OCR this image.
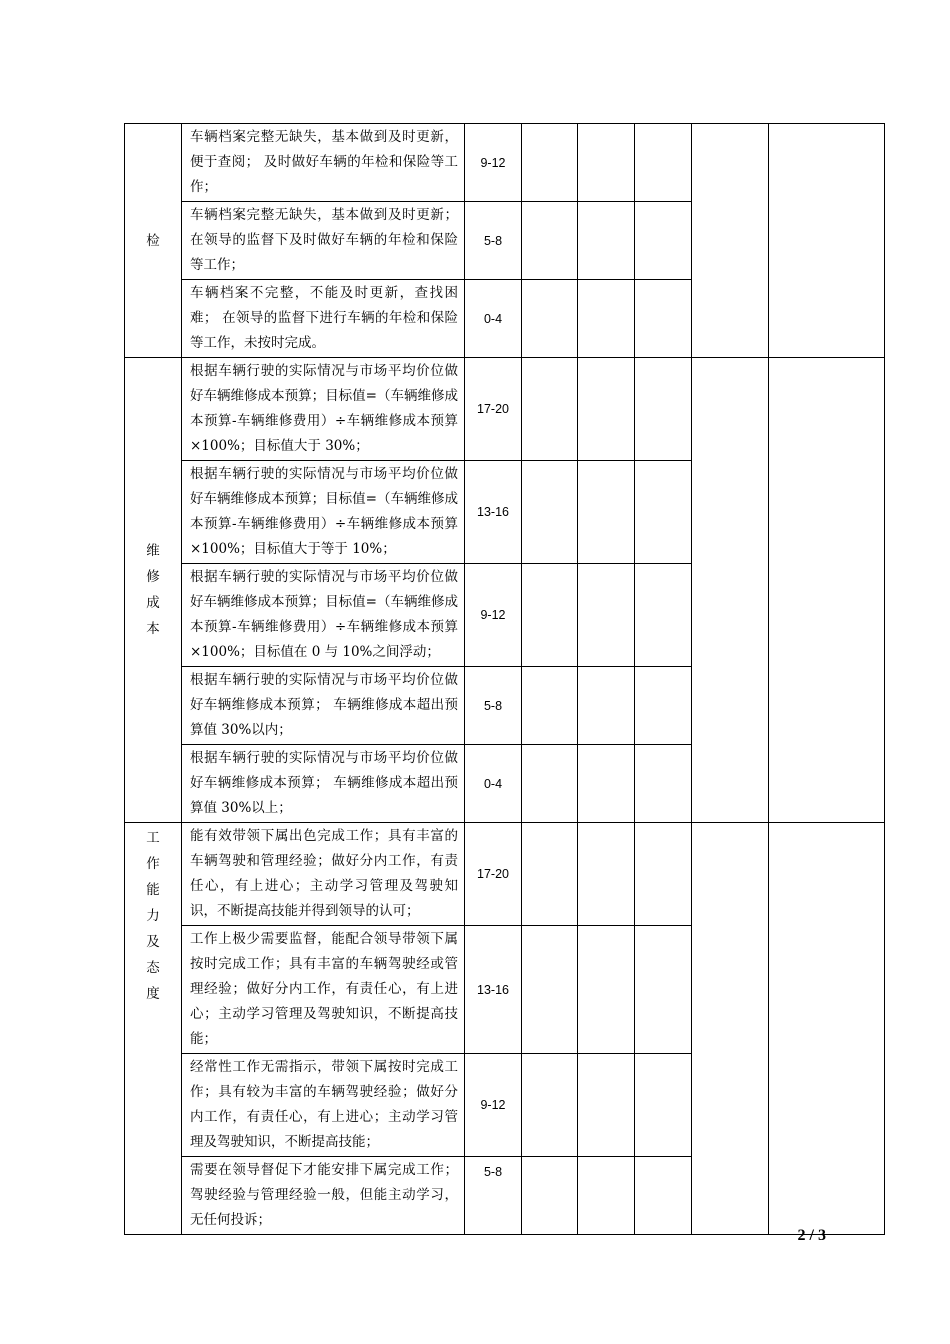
检	车辆档案完整无缺失，基本做到及时更新，便于查阅； 及时做好车辆的年检和保险等工作；	9-12					
	车辆档案完整无缺失，基本做到及时更新；在领导的监督下及时做好车辆的年检和保险等工作；	5-8					
	车辆档案不完整，不能及时更新，查找困难； 在领导的监督下进行车辆的年检和保险等工作，未按时完成。	0-4					
维修成本	根据车辆行驶的实际情况与市场平均价位做好车辆维修成本预算；目标值=（车辆维修成本预算-车辆维修费用）÷车辆维修成本预算×100%；目标值大于 30%；	17-20					
	根据车辆行驶的实际情况与市场平均价位做好车辆维修成本预算；目标值=（车辆维修成本预算-车辆维修费用）÷车辆维修成本预算×100%；目标值大于等于 10%；	13-16					
	根据车辆行驶的实际情况与市场平均价位做好车辆维修成本预算；目标值=（车辆维修成本预算-车辆维修费用）÷车辆维修成本预算×100%；目标值在 0 与 10%之间浮动；	9-12					
	根据车辆行驶的实际情况与市场平均价位做好车辆维修成本预算； 车辆维修成本超出预算值 30%以内；	5-8					
	根据车辆行驶的实际情况与市场平均价位做好车辆维修成本预算； 车辆维修成本超出预算值 30%以上；	0-4					
工作能力及态度	能有效带领下属出色完成工作；具有丰富的车辆驾驶和管理经验；做好分内工作，有责任心，有上进心；主动学习管理及驾驶知识，不断提高技能并得到领导的认可；	17-20					
	工作上极少需要监督，能配合领导带领下属按时完成工作；具有丰富的车辆驾驶经或管理经验；做好分内工作，有责任心，有上进心；主动学习管理及驾驶知识，不断提高技能；	13-16					
	经常性工作无需指示，带领下属按时完成工作；具有较为丰富的车辆驾驶经验；做好分内工作，有责任心，有上进心；主动学习管理及驾驶知识，不断提高技能；	9-12					
	需要在领导督促下才能安排下属完成工作；驾驶经验与管理经验一般，但能主动学习，无任何投诉；	5-8					
2 / 3
